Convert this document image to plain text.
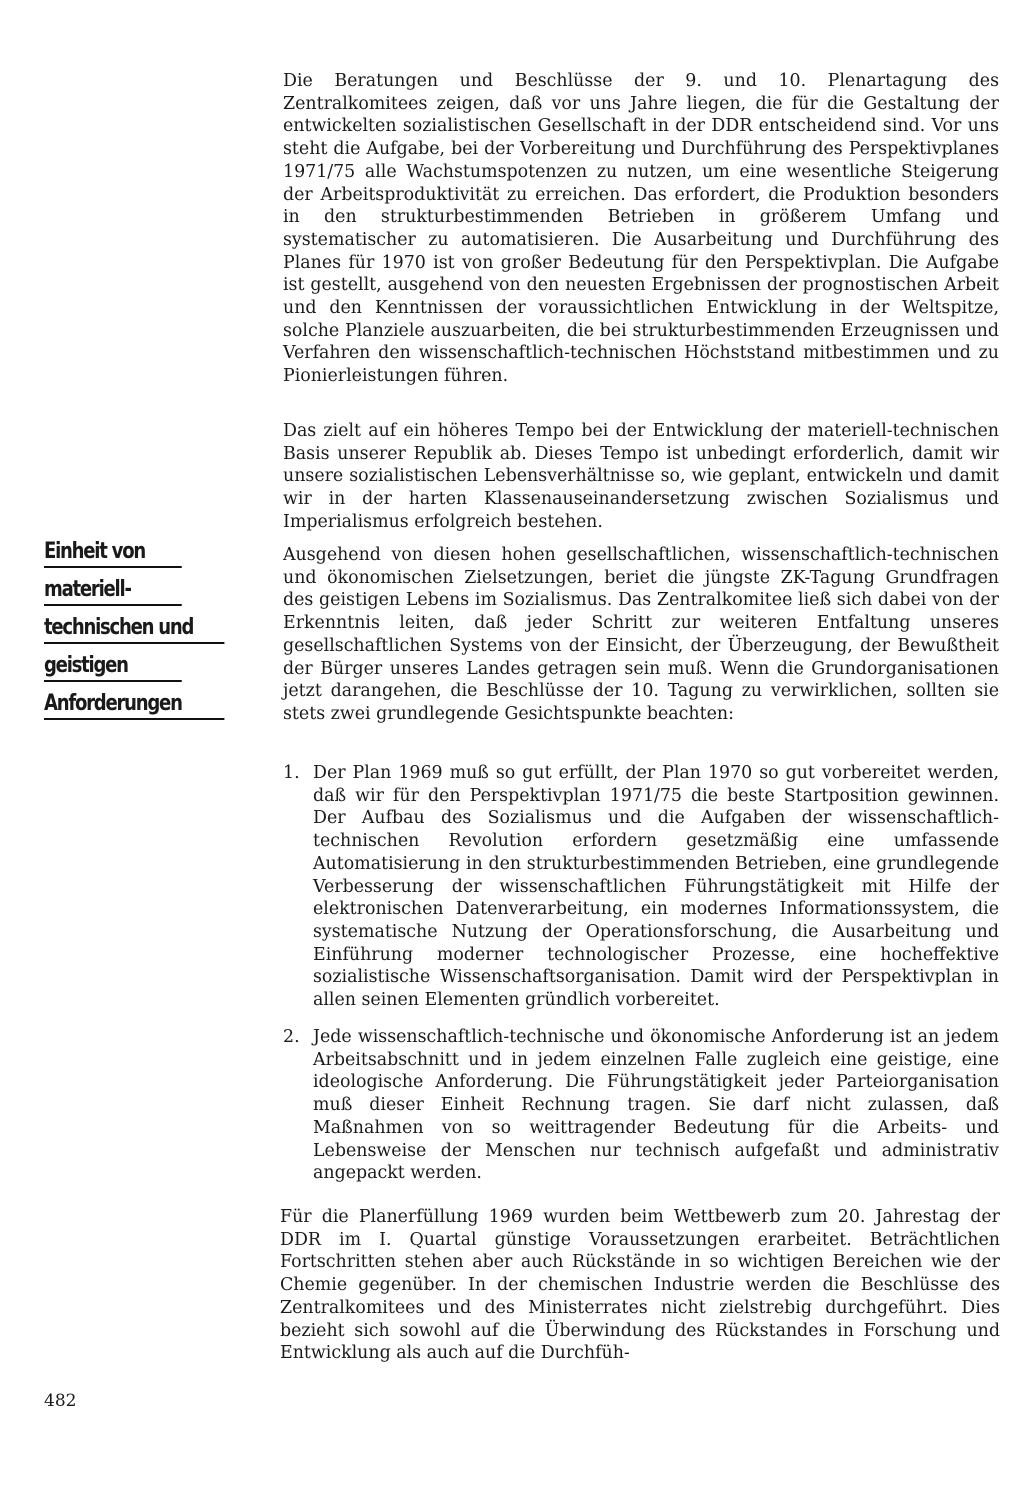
Einheit von
materiell-
technischen und
geistigen
Anforderungen

Die Beratungen und Beschlüsse der 9. und 10. Plenartagung des Zentralkomitees zeigen, daß vor uns Jahre liegen, die für die Gestaltung der entwickelten sozialistischen Gesellschaft in der DDR entscheidend sind. Vor uns steht die Aufgabe, bei der Vorbereitung und Durchführung des Perspektivplanes 1971/75 alle Wachstumspotenzen zu nutzen, um eine wesentliche Steigerung der Arbeitsproduktivität zu erreichen. Das erfordert, die Produktion besonders in den strukturbestimmenden Betrieben in größerem Umfang und systematischer zu automatisieren. Die Ausarbeitung und Durchführung des Planes für 1970 ist von großer Bedeutung für den Perspektivplan. Die Aufgabe ist gestellt, ausgehend von den neuesten Ergebnissen der prognostischen Arbeit und den Kenntnissen der voraussichtlichen Entwicklung in der Weltspitze, solche Planziele auszuarbeiten, die bei strukturbestimmenden Erzeugnissen und Verfahren den wissenschaftlich-technischen Höchststand mitbestimmen und zu Pionierleistungen führen.

Das zielt auf ein höheres Tempo bei der Entwicklung der materiell-technischen Basis unserer Republik ab. Dieses Tempo ist unbedingt erforderlich, damit wir unsere sozialistischen Lebensverhältnisse so, wie geplant, entwickeln und damit wir in der harten Klassenauseinandersetzung zwischen Sozialismus und Imperialismus erfolgreich bestehen.

Ausgehend von diesen hohen gesellschaftlichen, wissenschaftlich-technischen und ökonomischen Zielsetzungen, beriet die jüngste ZK-Tagung Grundfragen des geistigen Lebens im Sozialismus. Das Zentralkomitee ließ sich dabei von der Erkenntnis leiten, daß jeder Schritt zur weiteren Entfaltung unseres gesellschaftlichen Systems von der Einsicht, der Überzeugung, der Bewußtheit der Bürger unseres Landes getragen sein muß. Wenn die Grundorganisationen jetzt darangehen, die Beschlüsse der 10. Tagung zu verwirklichen, sollten sie stets zwei grundlegende Gesichtspunkte beachten:

1. Der Plan 1969 muß so gut erfüllt, der Plan 1970 so gut vorbereitet werden, daß wir für den Perspektivplan 1971/75 die beste Startposition gewinnen. Der Aufbau des Sozialismus und die Aufgaben der wissenschaftlich-technischen Revolution erfordern gesetzmäßig eine umfassende Automatisierung in den strukturbestimmenden Betrieben, eine grundlegende Verbesserung der wissenschaftlichen Führungstätigkeit mit Hilfe der elektronischen Datenverarbeitung, ein modernes Informationssystem, die systematische Nutzung der Operationsforschung, die Ausarbeitung und Einführung moderner technologischer Prozesse, eine hocheffektive sozialistische Wissenschaftsorganisation. Damit wird der Perspektivplan in allen seinen Elementen gründlich vorbereitet.
2. Jede wissenschaftlich-technische und ökonomische Anforderung ist an jedem Arbeitsabschnitt und in jedem einzelnen Falle zugleich eine geistige, eine ideologische Anforderung. Die Führungstätigkeit jeder Parteiorganisation muß dieser Einheit Rechnung tragen. Sie darf nicht zulassen, daß Maßnahmen von so weittragender Bedeutung für die Arbeits- und Lebensweise der Menschen nur technisch aufgefaßt und administrativ angepackt werden.

Für die Planerfüllung 1969 wurden beim Wettbewerb zum 20. Jahrestag der DDR im I. Quartal günstige Voraussetzungen erarbeitet. Beträchtlichen Fortschritten stehen aber auch Rückstände in so wichtigen Bereichen wie der Chemie gegenüber. In der chemischen Industrie werden die Beschlüsse des Zentralkomitees und des Ministerrates nicht zielstrebig durchgeführt. Dies bezieht sich sowohl auf die Überwindung des Rückstandes in Forschung und Entwicklung als auch auf die Durchfüh-

482
